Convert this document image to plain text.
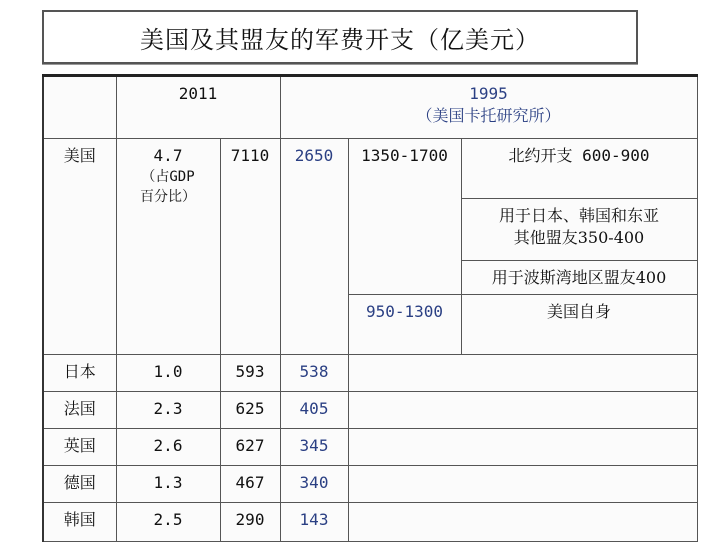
美国及其盟友的军费开支（亿美元）
	2011		1995
（美国卡托研究所）		

美国	4.7
（占GDP
百分比）	7110	2650	1350-1700	北约开支 600-900

					用于日本、韩国和东亚
其他盟友350-400

					用于波斯湾地区盟友400
				950-1300	美国自身
日本	1.0	593	538		
法国	2.3	625	405		
英国	2.6	627	345		
德国	1.3	467	340		
韩国	2.5	290	143		
